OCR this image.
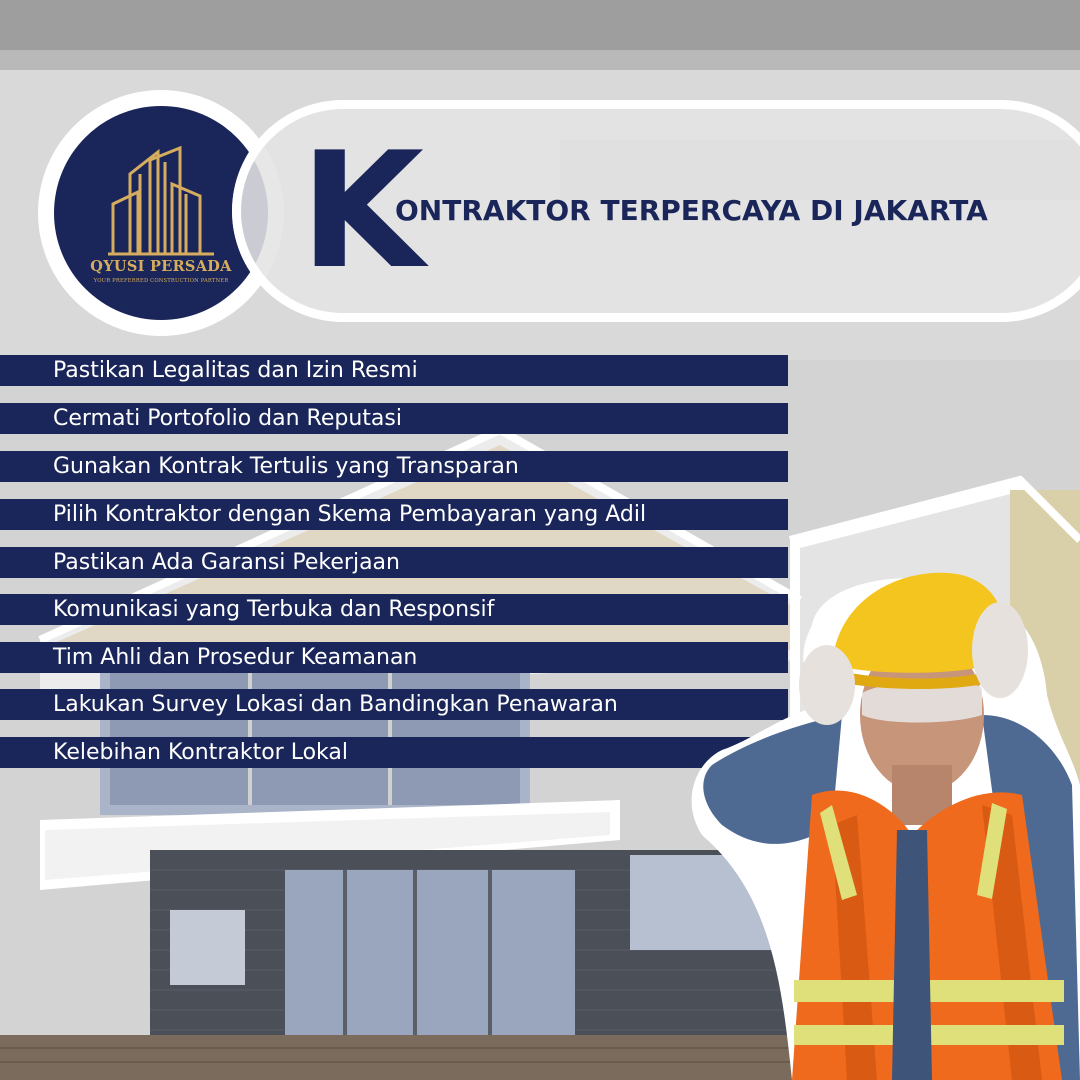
QYUSI PERSADA
YOUR PREFERRED CONSTRUCTION PARTNER K
ONTRAKTOR TERPERCAYA DI JAKARTA
Pastikan Legalitas dan Izin Resmi
Cermati Portofolio dan Reputasi
Gunakan Kontrak Tertulis yang Transparan
Pilih Kontraktor dengan Skema Pembayaran yang Adil
Pastikan Ada Garansi Pekerjaan
Komunikasi yang Terbuka dan Responsif
Tim Ahli dan Prosedur Keamanan
Lakukan Survey Lokasi dan Bandingkan Penawaran
Kelebihan Kontraktor Lokal
